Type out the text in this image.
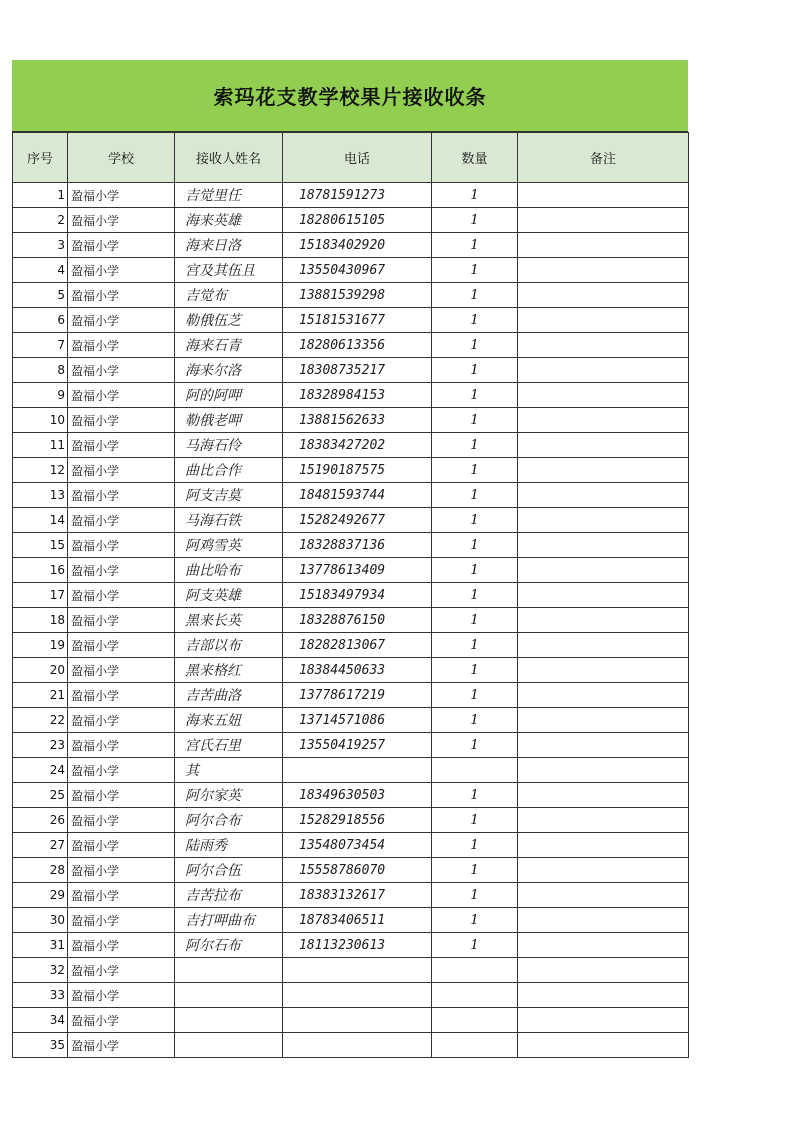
索玛花支教学校果片接收收条
序号	学校	接收人姓名	电话	数量	备注
1	盈福小学	吉觉里任	18781591273	1	
2	盈福小学	海来英雄	18280615105	1	
3	盈福小学	海来日洛	15183402920	1	
4	盈福小学	宫及其伍且	13550430967	1	
5	盈福小学	吉觉布	13881539298	1	
6	盈福小学	勒俄伍芝	15181531677	1	
7	盈福小学	海来石青	18280613356	1	
8	盈福小学	海来尔洛	18308735217	1	
9	盈福小学	阿的阿呷	18328984153	1	
10	盈福小学	勒俄老呷	13881562633	1	
11	盈福小学	马海石伶	18383427202	1	
12	盈福小学	曲比合作	15190187575	1	
13	盈福小学	阿支吉莫	18481593744	1	
14	盈福小学	马海石铁	15282492677	1	
15	盈福小学	阿鸡雪英	18328837136	1	
16	盈福小学	曲比哈布	13778613409	1	
17	盈福小学	阿支英雄	15183497934	1	
18	盈福小学	黑来长英	18328876150	1	
19	盈福小学	吉部以布	18282813067	1	
20	盈福小学	黑来格红	18384450633	1	
21	盈福小学	吉苦曲洛	13778617219	1	
22	盈福小学	海来五妞	13714571086	1	
23	盈福小学	宫氏石里	13550419257	1	
24	盈福小学	其			
25	盈福小学	阿尔家英	18349630503	1	
26	盈福小学	阿尔合布	15282918556	1	
27	盈福小学	陆雨秀	13548073454	1	
28	盈福小学	阿尔合伍	15558786070	1	
29	盈福小学	吉苦拉布	18383132617	1	
30	盈福小学	吉打呷曲布	18783406511	1	
31	盈福小学	阿尔石布	18113230613	1	
32	盈福小学				
33	盈福小学				
34	盈福小学				
35	盈福小学				
